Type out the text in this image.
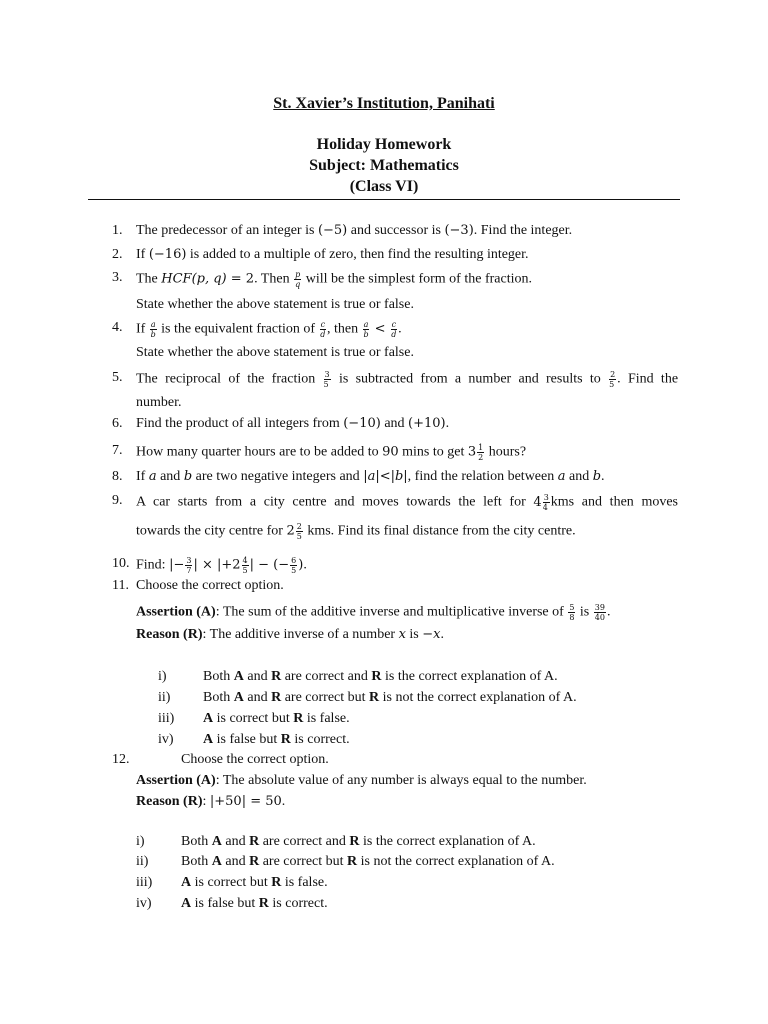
St. Xavier’s Institution, Panihati
Holiday Homework
Subject: Mathematics
(Class VI)
1. The predecessor of an integer is (−5) and successor is (−3). Find the integer.
2. If (−16) is added to a multiple of zero, then find the resulting integer.
3. The HCF(p, q) = 2. Then $\frac{p}{q}$ will be the simplest form of the fraction.
State whether the above statement is true or false.
4. If $\frac{a}{b}$ is the equivalent fraction of $\frac{c}{d}$ , then $\frac{a}{b} < \frac{c}{d}$ .
State whether the above statement is true or false.
5. The reciprocal of the fraction $\frac{3}{5}$ is subtracted from a number and results to $\frac{2}{5}$ . Find the
number.
6. Find the product of all integers from (−10) and (+10).
7. How many quarter hours are to be added to 90 mins to get $3 \frac{1}{2}$ hours?
8. If a and b are two negative integers and |a|<|b|, find the relation between a and b.
9. A car starts from a city centre and moves towards the left for $4 \frac{3}{4}$ kms and then moves
towards the city centre for $2 \frac{2}{5}$ kms. Find its final distance from the city centre.
10. Find: |− $\frac{3}{7}$ | × $|+2 \frac{4}{5}$ | − (− $\frac{6}{5}$ ).
11. Choose the correct option.
Assertion (A): The sum of the additive inverse and multiplicative inverse of $\frac{5}{8}$ is $\frac{39}{40}$ .
Reason (R): The additive inverse of a number x is −x.
i)	Both A and R are correct and R is the correct explanation of A.
ii)	Both A and R are correct but R is not the correct explanation of A.
iii)	A is correct but R is false.
iv)	A is false but R is correct.
12.	Choose the correct option.
Assertion (A): The absolute value of any number is always equal to the number.
Reason (R): |+50| = 50.
i)	Both A and R are correct and R is the correct explanation of A.
ii)	Both A and R are correct but R is not the correct explanation of A.
iii)	A is correct but R is false.
iv)	A is false but R is correct.
